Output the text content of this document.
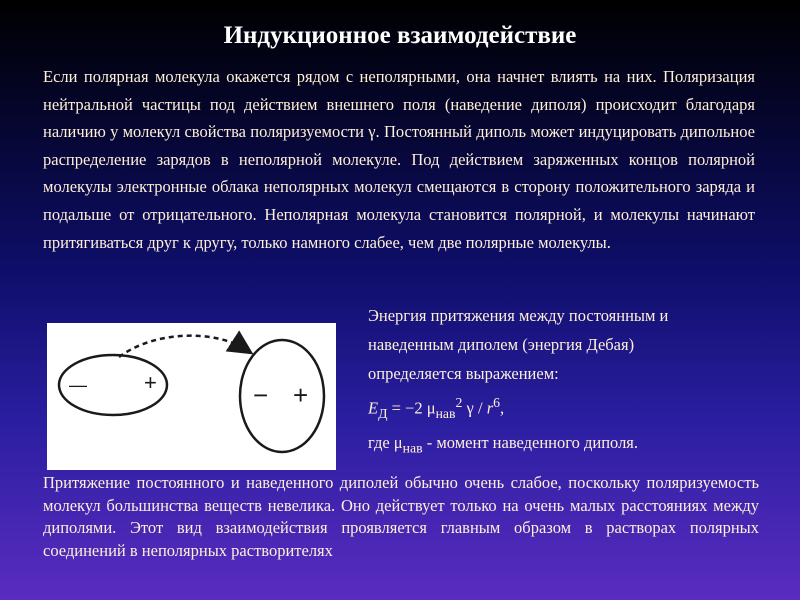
Индукционное взаимодействие
Если полярная молекула окажется рядом с неполярными, она начнет влиять на них. Поляризация нейтральной частицы под действием внешнего поля (наведение диполя) происходит благодаря наличию у молекул свойства поляризуемости γ. Постоянный диполь может индуцировать дипольное распределение зарядов в неполярной молекуле. Под действием заряженных концов полярной молекулы электронные облака неполярных молекул смещаются в сторону положительного заряда и подальше от отрицательного. Неполярная молекула становится полярной, и молекулы начинают притягиваться друг к другу, только намного слабее, чем две полярные молекулы.
—	+	− +
Энергия притяжения между постоянным и
наведенным диполем (энергия Дебая)
определяется выражением:
$E_Д = -2$ $\mu_{нав}^2$ γ / $r^6$,
где $\mu_{нав}$ - момент наведенного диполя.
Притяжение постоянного и наведенного диполей обычно очень слабое, поскольку поляризуемость молекул большинства веществ невелика. Оно действует только на очень малых расстояниях между диполями. Этот вид взаимодействия проявляется главным образом в растворах полярных соединений в неполярных растворителях
